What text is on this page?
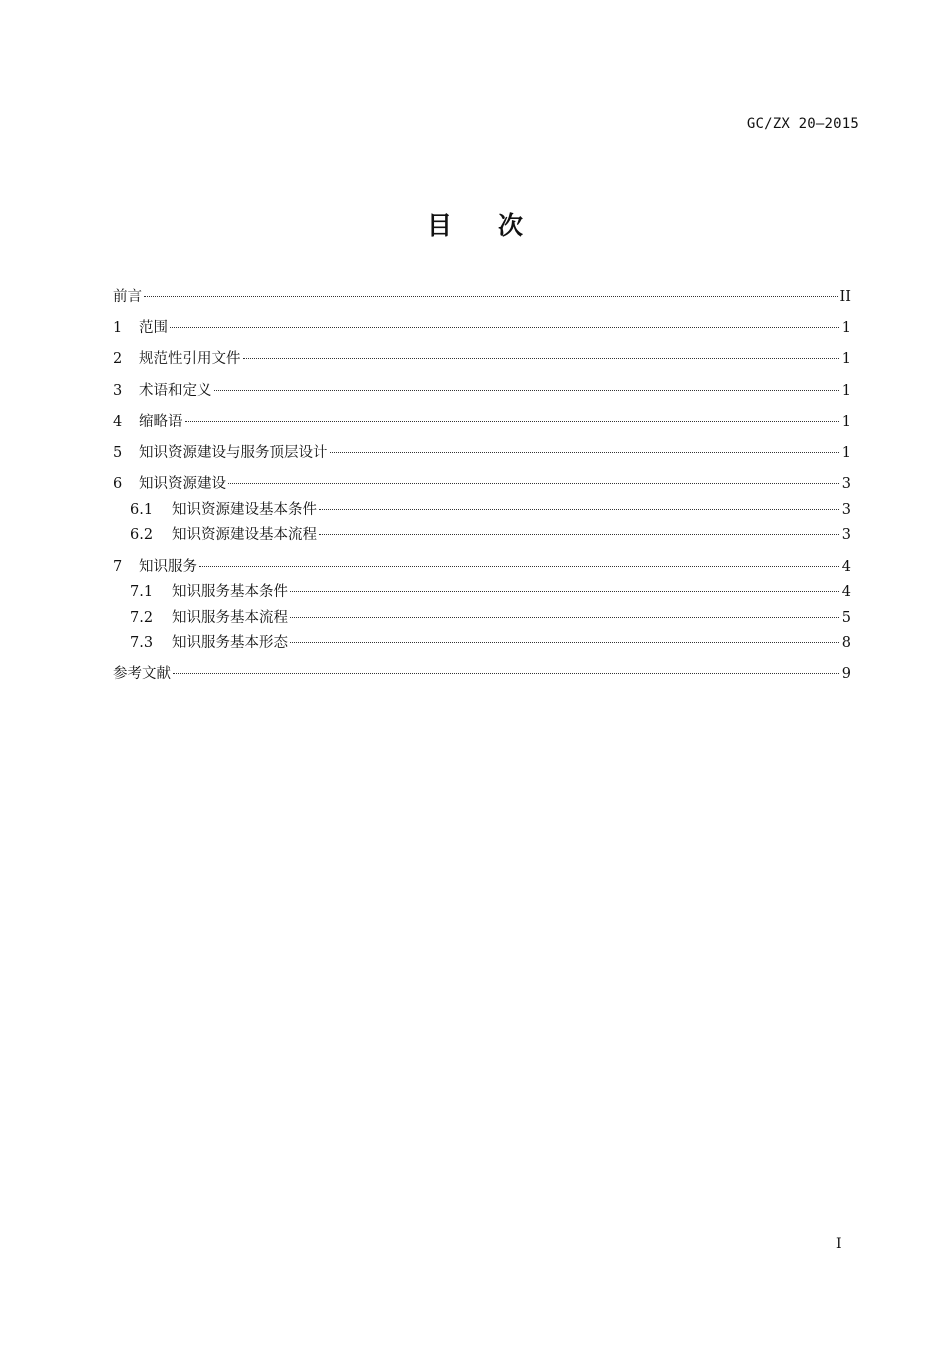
GC/ZX 20—2015
目次
前言	II
1	范围	1
2	规范性引用文件	1
3	术语和定义	1
4	缩略语	1
5	知识资源建设与服务顶层设计	1
6	知识资源建设	3
6.1	知识资源建设基本条件	3
6.2	知识资源建设基本流程	3
7	知识服务	4
7.1	知识服务基本条件	4
7.2	知识服务基本流程	5
7.3	知识服务基本形态	8
参考文献	9
I
